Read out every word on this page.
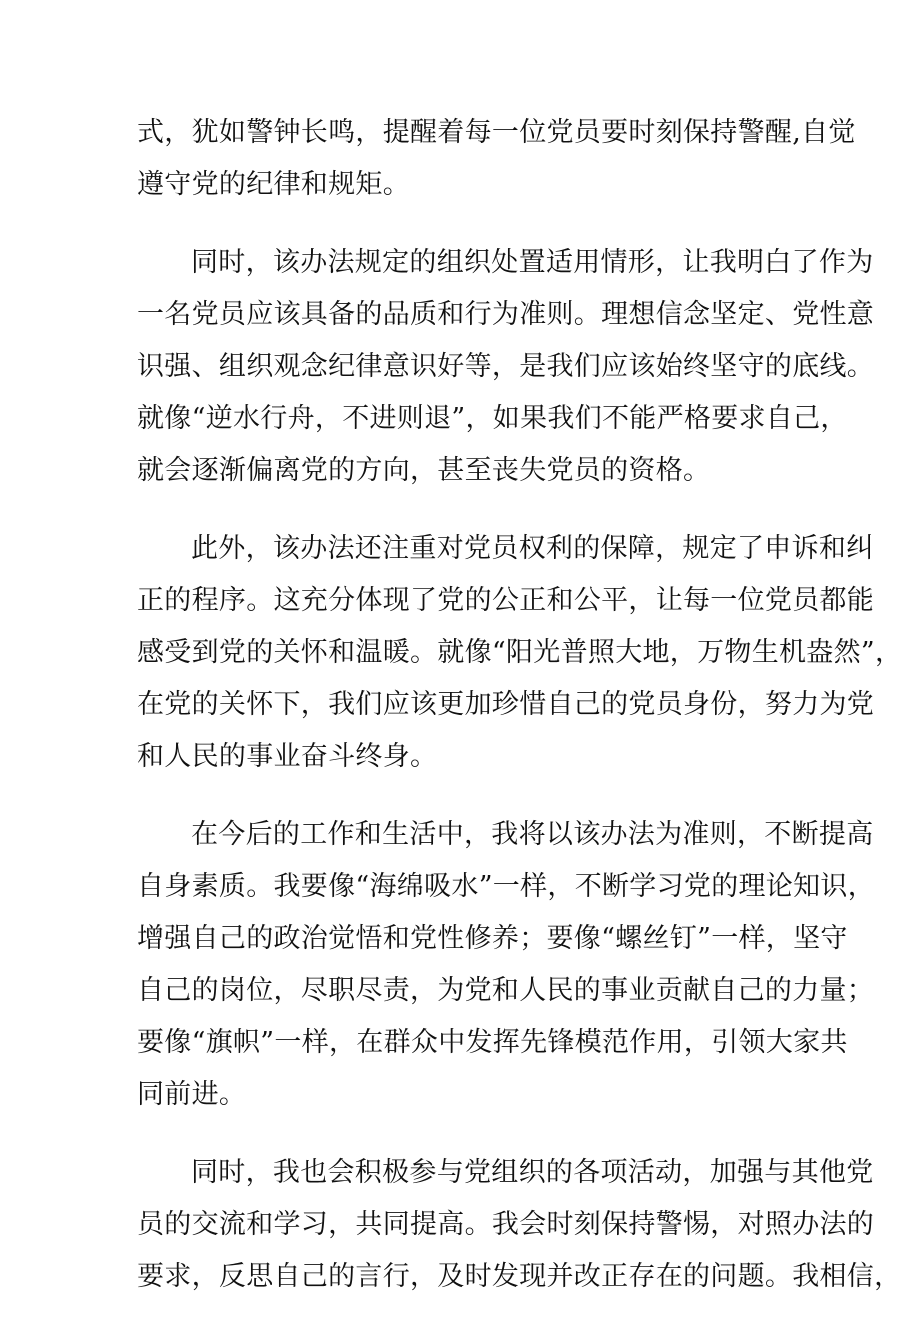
式，犹如警钟长鸣，提醒着每一位党员要时刻保持警醒,自觉
遵守党的纪律和规矩。
同时，该办法规定的组织处置适用情形，让我明白了作为
一名党员应该具备的品质和行为准则。理想信念坚定、党性意
识强、组织观念纪律意识好等，是我们应该始终坚守的底线。
就像“逆水行舟，不进则退”，如果我们不能严格要求自己，
就会逐渐偏离党的方向，甚至丧失党员的资格。
此外，该办法还注重对党员权利的保障，规定了申诉和纠
正的程序。这充分体现了党的公正和公平，让每一位党员都能
感受到党的关怀和温暖。就像“阳光普照大地，万物生机盎然”，
在党的关怀下，我们应该更加珍惜自己的党员身份，努力为党
和人民的事业奋斗终身。
在今后的工作和生活中，我将以该办法为准则，不断提高
自身素质。我要像“海绵吸水”一样，不断学习党的理论知识，
增强自己的政治觉悟和党性修养；要像“螺丝钉”一样，坚守
自己的岗位，尽职尽责，为党和人民的事业贡献自己的力量；
要像“旗帜”一样，在群众中发挥先锋模范作用，引领大家共
同前进。
同时，我也会积极参与党组织的各项活动，加强与其他党
员的交流和学习，共同提高。我会时刻保持警惕，对照办法的
要求，反思自己的言行，及时发现并改正存在的问题。我相信，
